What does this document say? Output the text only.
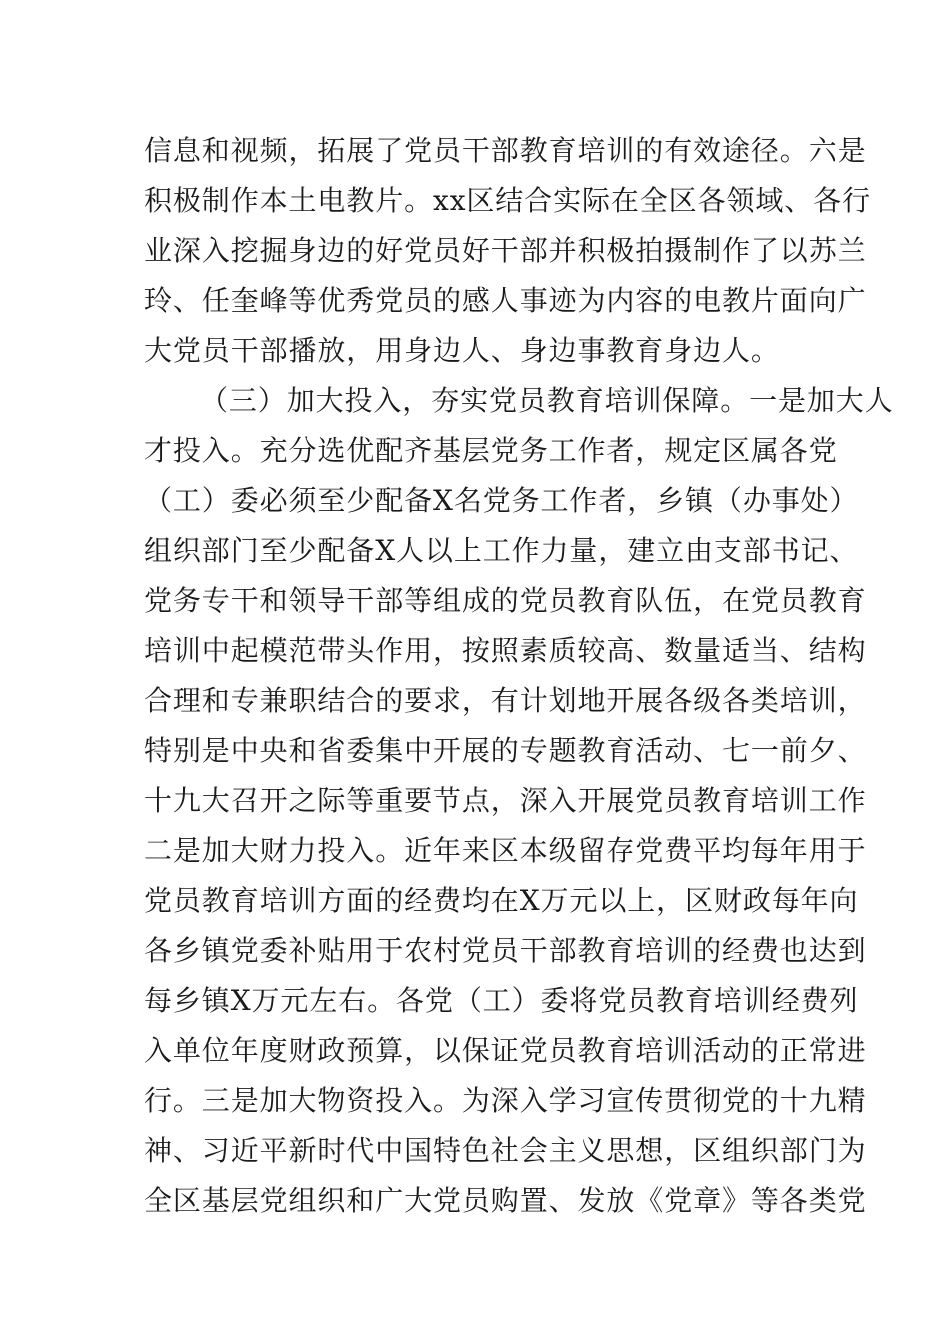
信息和视频，拓展了党员干部教育培训的有效途径。六是
积极制作本土电教片。xx区结合实际在全区各领域、各行
业深入挖掘身边的好党员好干部并积极拍摄制作了以苏兰
玲、任奎峰等优秀党员的感人事迹为内容的电教片面向广
大党员干部播放，用身边人、身边事教育身边人。
（三）加大投入，夯实党员教育培训保障。一是加大人
才投入。充分选优配齐基层党务工作者，规定区属各党
（工）委必须至少配备X名党务工作者，乡镇（办事处）
组织部门至少配备X人以上工作力量，建立由支部书记、
党务专干和领导干部等组成的党员教育队伍，在党员教育
培训中起模范带头作用，按照素质较高、数量适当、结构
合理和专兼职结合的要求，有计划地开展各级各类培训，
特别是中央和省委集中开展的专题教育活动、七一前夕、
十九大召开之际等重要节点，深入开展党员教育培训工作
二是加大财力投入。近年来区本级留存党费平均每年用于
党员教育培训方面的经费均在X万元以上，区财政每年向
各乡镇党委补贴用于农村党员干部教育培训的经费也达到
每乡镇X万元左右。各党（工）委将党员教育培训经费列
入单位年度财政预算，以保证党员教育培训活动的正常进
行。三是加大物资投入。为深入学习宣传贯彻党的十九精
神、习近平新时代中国特色社会主义思想，区组织部门为
全区基层党组织和广大党员购置、发放《党章》等各类党
